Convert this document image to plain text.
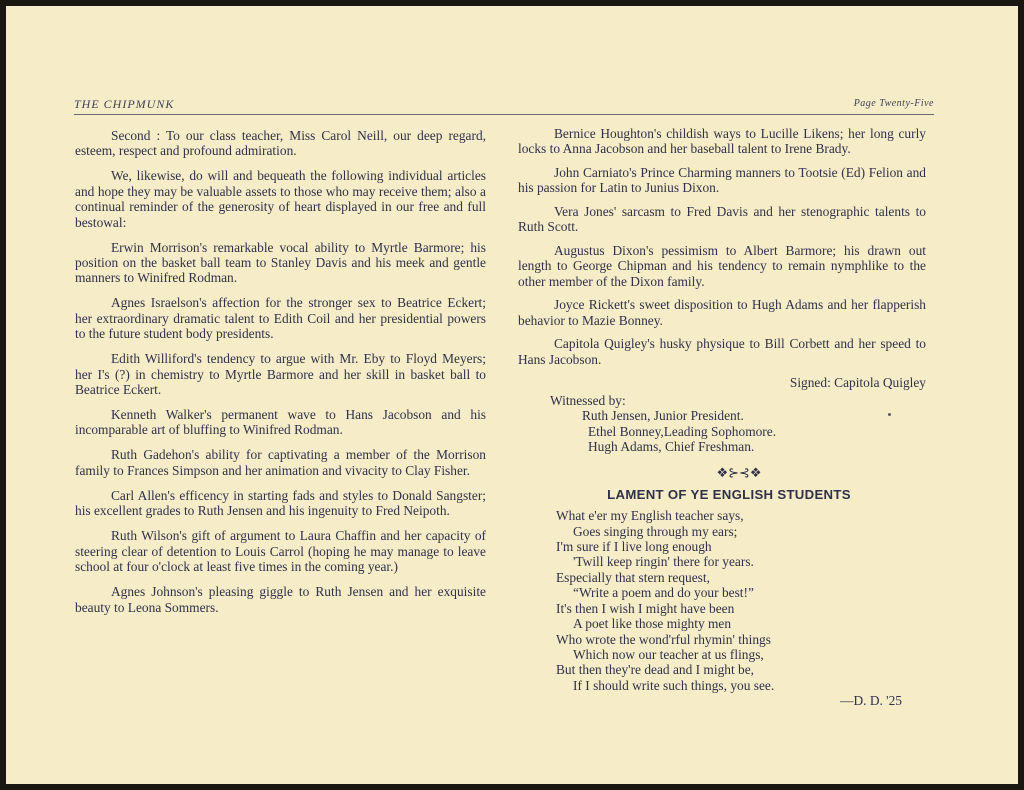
THE CHIPMUNK	Page Twenty-Five

Second : To our class teacher, Miss Carol Neill, our deep regard, esteem, respect and profound admiration.

We, likewise, do will and bequeath the following individual articles and hope they may be valuable assets to those who may receive them; also a continual reminder of the generosity of heart displayed in our free and full bestowal:

Erwin Morrison's remarkable vocal ability to Myrtle Barmore; his position on the basket ball team to Stanley Davis and his meek and gentle manners to Winifred Rodman.

Agnes Israelson's affection for the stronger sex to Beatrice Eckert; her extraordinary dramatic talent to Edith Coil and her presidential powers to the future student body presidents.

Edith Williford's tendency to argue with Mr. Eby to Floyd Meyers; her I's (?) in chemistry to Myrtle Barmore and her skill in basket ball to Beatrice Eckert.

Kenneth Walker's permanent wave to Hans Jacobson and his incomparable art of bluffing to Winifred Rodman.

Ruth Gadehon's ability for captivating a member of the Morrison family to Frances Simpson and her animation and vivacity to Clay Fisher.

Carl Allen's efficency in starting fads and styles to Donald Sangster; his excellent grades to Ruth Jensen and his ingenuity to Fred Neipoth.

Ruth Wilson's gift of argument to Laura Chaffin and her capacity of steering clear of detention to Louis Carrol (hoping he may manage to leave school at four o'clock at least five times in the coming year.)

Agnes Johnson's pleasing giggle to Ruth Jensen and her exquisite beauty to Leona Sommers.

Bernice Houghton's childish ways to Lucille Likens; her long curly locks to Anna Jacobson and her baseball talent to Irene Brady.

John Carniato's Prince Charming manners to Tootsie (Ed) Felion and his passion for Latin to Junius Dixon.

Vera Jones' sarcasm to Fred Davis and her stenographic talents to Ruth Scott.

Augustus Dixon's pessimism to Albert Barmore; his drawn out length to George Chipman and his tendency to remain nymphlike to the other member of the Dixon family.

Joyce Rickett's sweet disposition to Hugh Adams and her flapperish behavior to Mazie Bonney.

Capitola Quigley's husky physique to Bill Corbett and her speed to Hans Jacobson.

Signed: Capitola Quigley
Witnessed by:
Ruth Jensen, Junior President.
Ethel Bonney,Leading Sophomore.
Hugh Adams, Chief Freshman.
❖⊱⊰❖
LAMENT OF YE ENGLISH STUDENTS
What e'er my English teacher says,
Goes singing through my ears;
I'm sure if I live long enough
'Twill keep ringin' there for years.
Especially that stern request,
“Write a poem and do your best!”
It's then I wish I might have been
A poet like those mighty men
Who wrote the wond'rful rhymin' things
Which now our teacher at us flings,
But then they're dead and I might be,
If I should write such things, you see.
—D. D. '25
